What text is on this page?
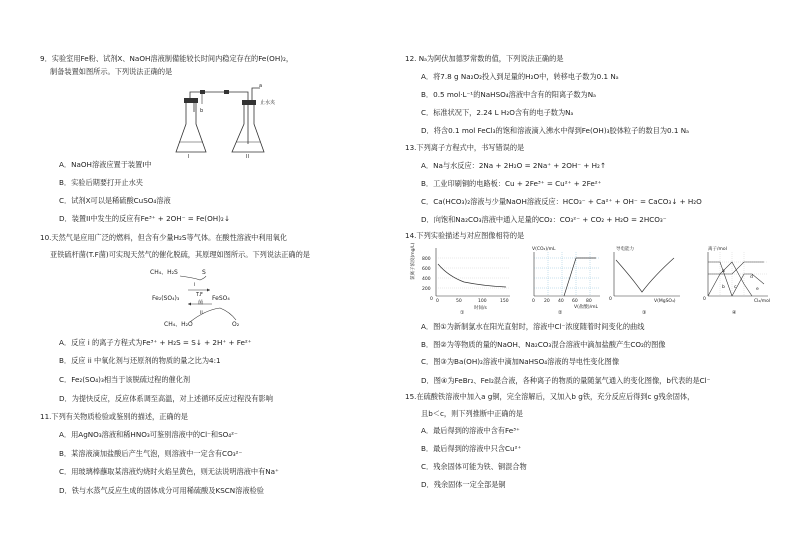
9．实验室用Fe粉、试剂X、NaOH溶液制備能较长时间内稳定存在的Fe(OH)₂，
制备装置如图所示。下列说法正确的是
b
a
止水夹
I	II
A．NaOH溶液应置于装置I中
B．实验后期要打开止水夹
C．试剂X可以是稀硫酸CuSO₄溶液
D．装置II中发生的反应有Fe³⁺ + 2OH⁻ = Fe(OH)₂↓
10.天然气是应用广泛的燃料，但含有少量H₂S等气体。在酸性溶液中利用氧化
亚铁硫杆菌(T.F菌)可实现天然气的催化脱硫，其原理如图所示。下列说法正确的是
CH₄、H₂S	S
Fe₂(SO₄)₃	FeSO₄
i
T.F
菌
ii
CH₄、H₂O	O₂
A．反应 i 的离子方程式为Fe³⁺ + H₂S = S↓ + 2H⁺ + Fe²⁺
B．反应 ii 中氧化剂与还原剂的物质的量之比为4:1
C．Fe₂(SO₄)₃相当于该脱硫过程的催化剂
D．为提快反应，反应体系调至高温，对上述循环反应过程没有影响
11.下列有关物质检验或鉴别的描述，正确的是
A．用AgNO₃溶液和稀HNO₃可鉴别溶液中的Cl⁻和SO₄²⁻
B．某溶液滴加盐酸后产生气泡，则溶液中一定含有CO₃²⁻
C．用玻璃棒蘸取某溶液灼烧时火焰呈黄色，则无法说明溶液中有Na⁺
D．铁与水蒸气反应生成的固体成分可用稀硫酸及KSCN溶液检验
12. Nₐ为阿伏加德罗常数的值，下列说法正确的是
A．将7.8 g Na₂O₂投入到足量的H₂O中，转移电子数为0.1 Nₐ
B．0.5 mol·L⁻¹的NaHSO₄溶液中含有的阳离子数为Nₐ
C．标准状况下，2.24 L H₂O含有的电子数为Nₐ
D．将含0.1 mol FeCl₃的饱和溶液滴入沸水中得到Fe(OH)₃胶体粒子的数目为0.1 Nₐ
13.下列离子方程式中，书写错误的是
A．Na与水反应：2Na + 2H₂O = 2Na⁺ + 2OH⁻ + H₂↑
B．工业印刷铜的电路板：Cu + 2Fe³⁺ = Cu²⁺ + 2Fe²⁺
C．Ca(HCO₃)₂溶液与少量NaOH溶液反应：HCO₃⁻ + Ca²⁺ + OH⁻ = CaCO₃↓ + H₂O
D．向饱和Na₂CO₃溶液中通入足量的CO₂：CO₃²⁻ + CO₂ + H₂O = 2HCO₃⁻
14.下列实验描述与对应图像相符的是
氯离子浓度(mg/L) 800
600
400
200
0 0	50	100	150
时间/s
①
V(CO₂)/mL
0 20 40 60 80
V(盐酸)/mL
②
导电能力
0	V(MgSO₄)
③
离子/mol
a
b c
d
e
0	Cl₂/mol
④
A．图①为新制氯水在阳光直射时，溶液中Cl⁻浓度随着时间变化的曲线
B．图②为等物质的量的NaOH、Na₂CO₃混合溶液中滴加盐酸产生CO₂的图像
C．图③为Ba(OH)₂溶液中滴加NaHSO₄溶液的导电性变化图像
D．图④为FeBr₂、FeI₂混合液，各种离子的物质的量随氯气通入的变化图像，b代表的是Cl⁻
15.在硫酸铁溶液中加入a g铜，完全溶解后，又加入b g铁，充分反应后得到c g残余固体，
且b＜c，则下列推断中正确的是
A．最后得到的溶液中含有Fe³⁺
B．最后得到的溶液中只含Cu²⁺
C．残余固体可能为铁、铜混合物
D．残余固体一定全部是铜
